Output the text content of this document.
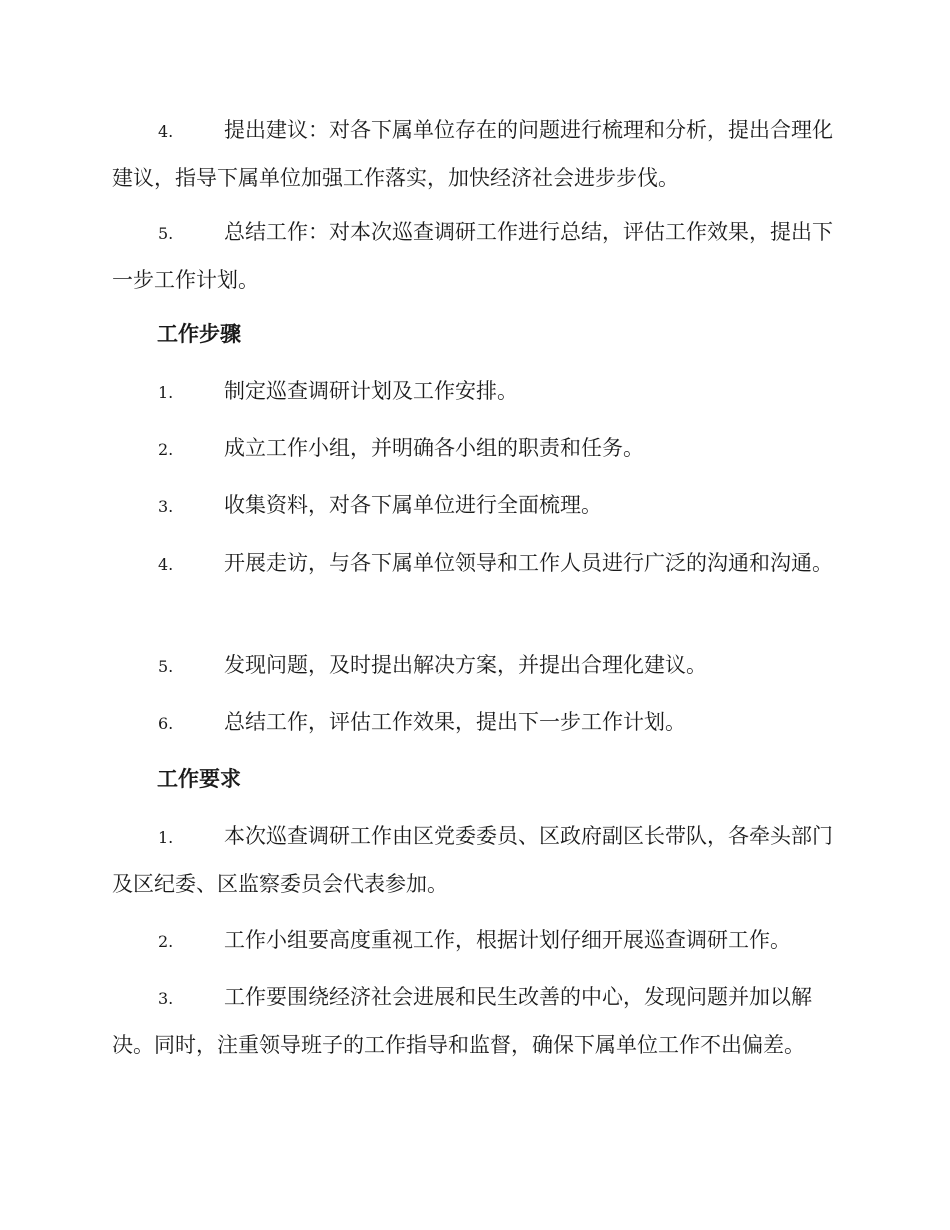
4. 提出建议：对各下属单位存在的问题进行梳理和分析，提出合理化建议，指导下属单位加强工作落实，加快经济社会进步步伐。

5. 总结工作：对本次巡查调研工作进行总结，评估工作效果，提出下一步工作计划。

工作步骤

1. 制定巡查调研计划及工作安排。

2. 成立工作小组，并明确各小组的职责和任务。

3. 收集资料，对各下属单位进行全面梳理。

4. 开展走访，与各下属单位领导和工作人员进行广泛的沟通和沟通。

5. 发现问题，及时提出解决方案，并提出合理化建议。

6. 总结工作，评估工作效果，提出下一步工作计划。

工作要求

1. 本次巡查调研工作由区党委委员、区政府副区长带队，各牵头部门及区纪委、区监察委员会代表参加。

2. 工作小组要高度重视工作，根据计划仔细开展巡查调研工作。

3. 工作要围绕经济社会进展和民生改善的中心，发现问题并加以解决。同时，注重领导班子的工作指导和监督，确保下属单位工作不出偏差。
